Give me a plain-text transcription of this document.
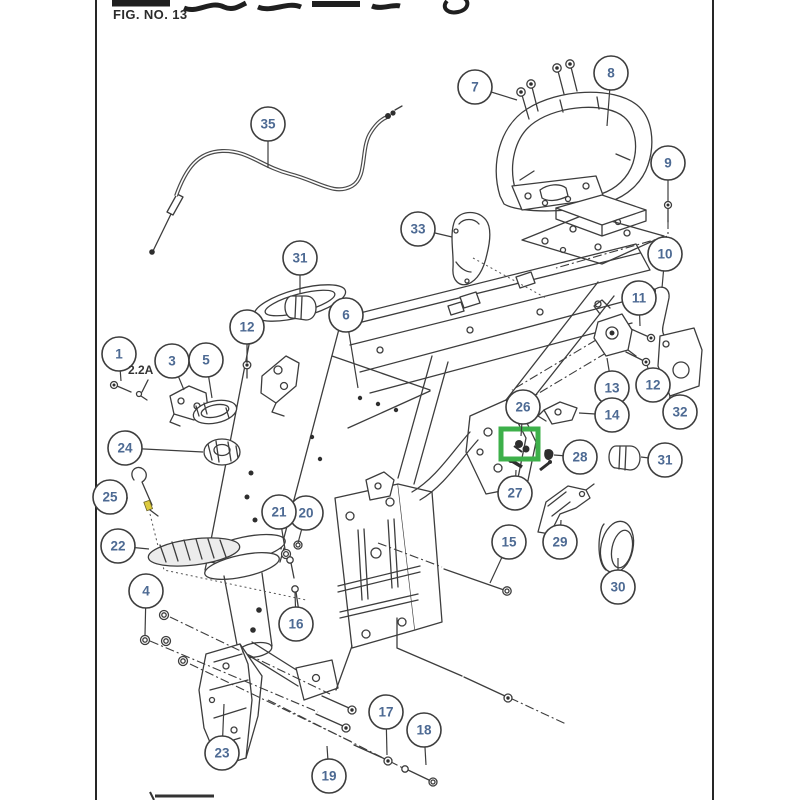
1	3
4
5
6
7
8
9
10
11
12
12
13
14
15
16
17
18
19
20
21
22
23
24
25
26
27
28
29
30
31
31
32
33
35
FIG. NO. 13
2.2A
